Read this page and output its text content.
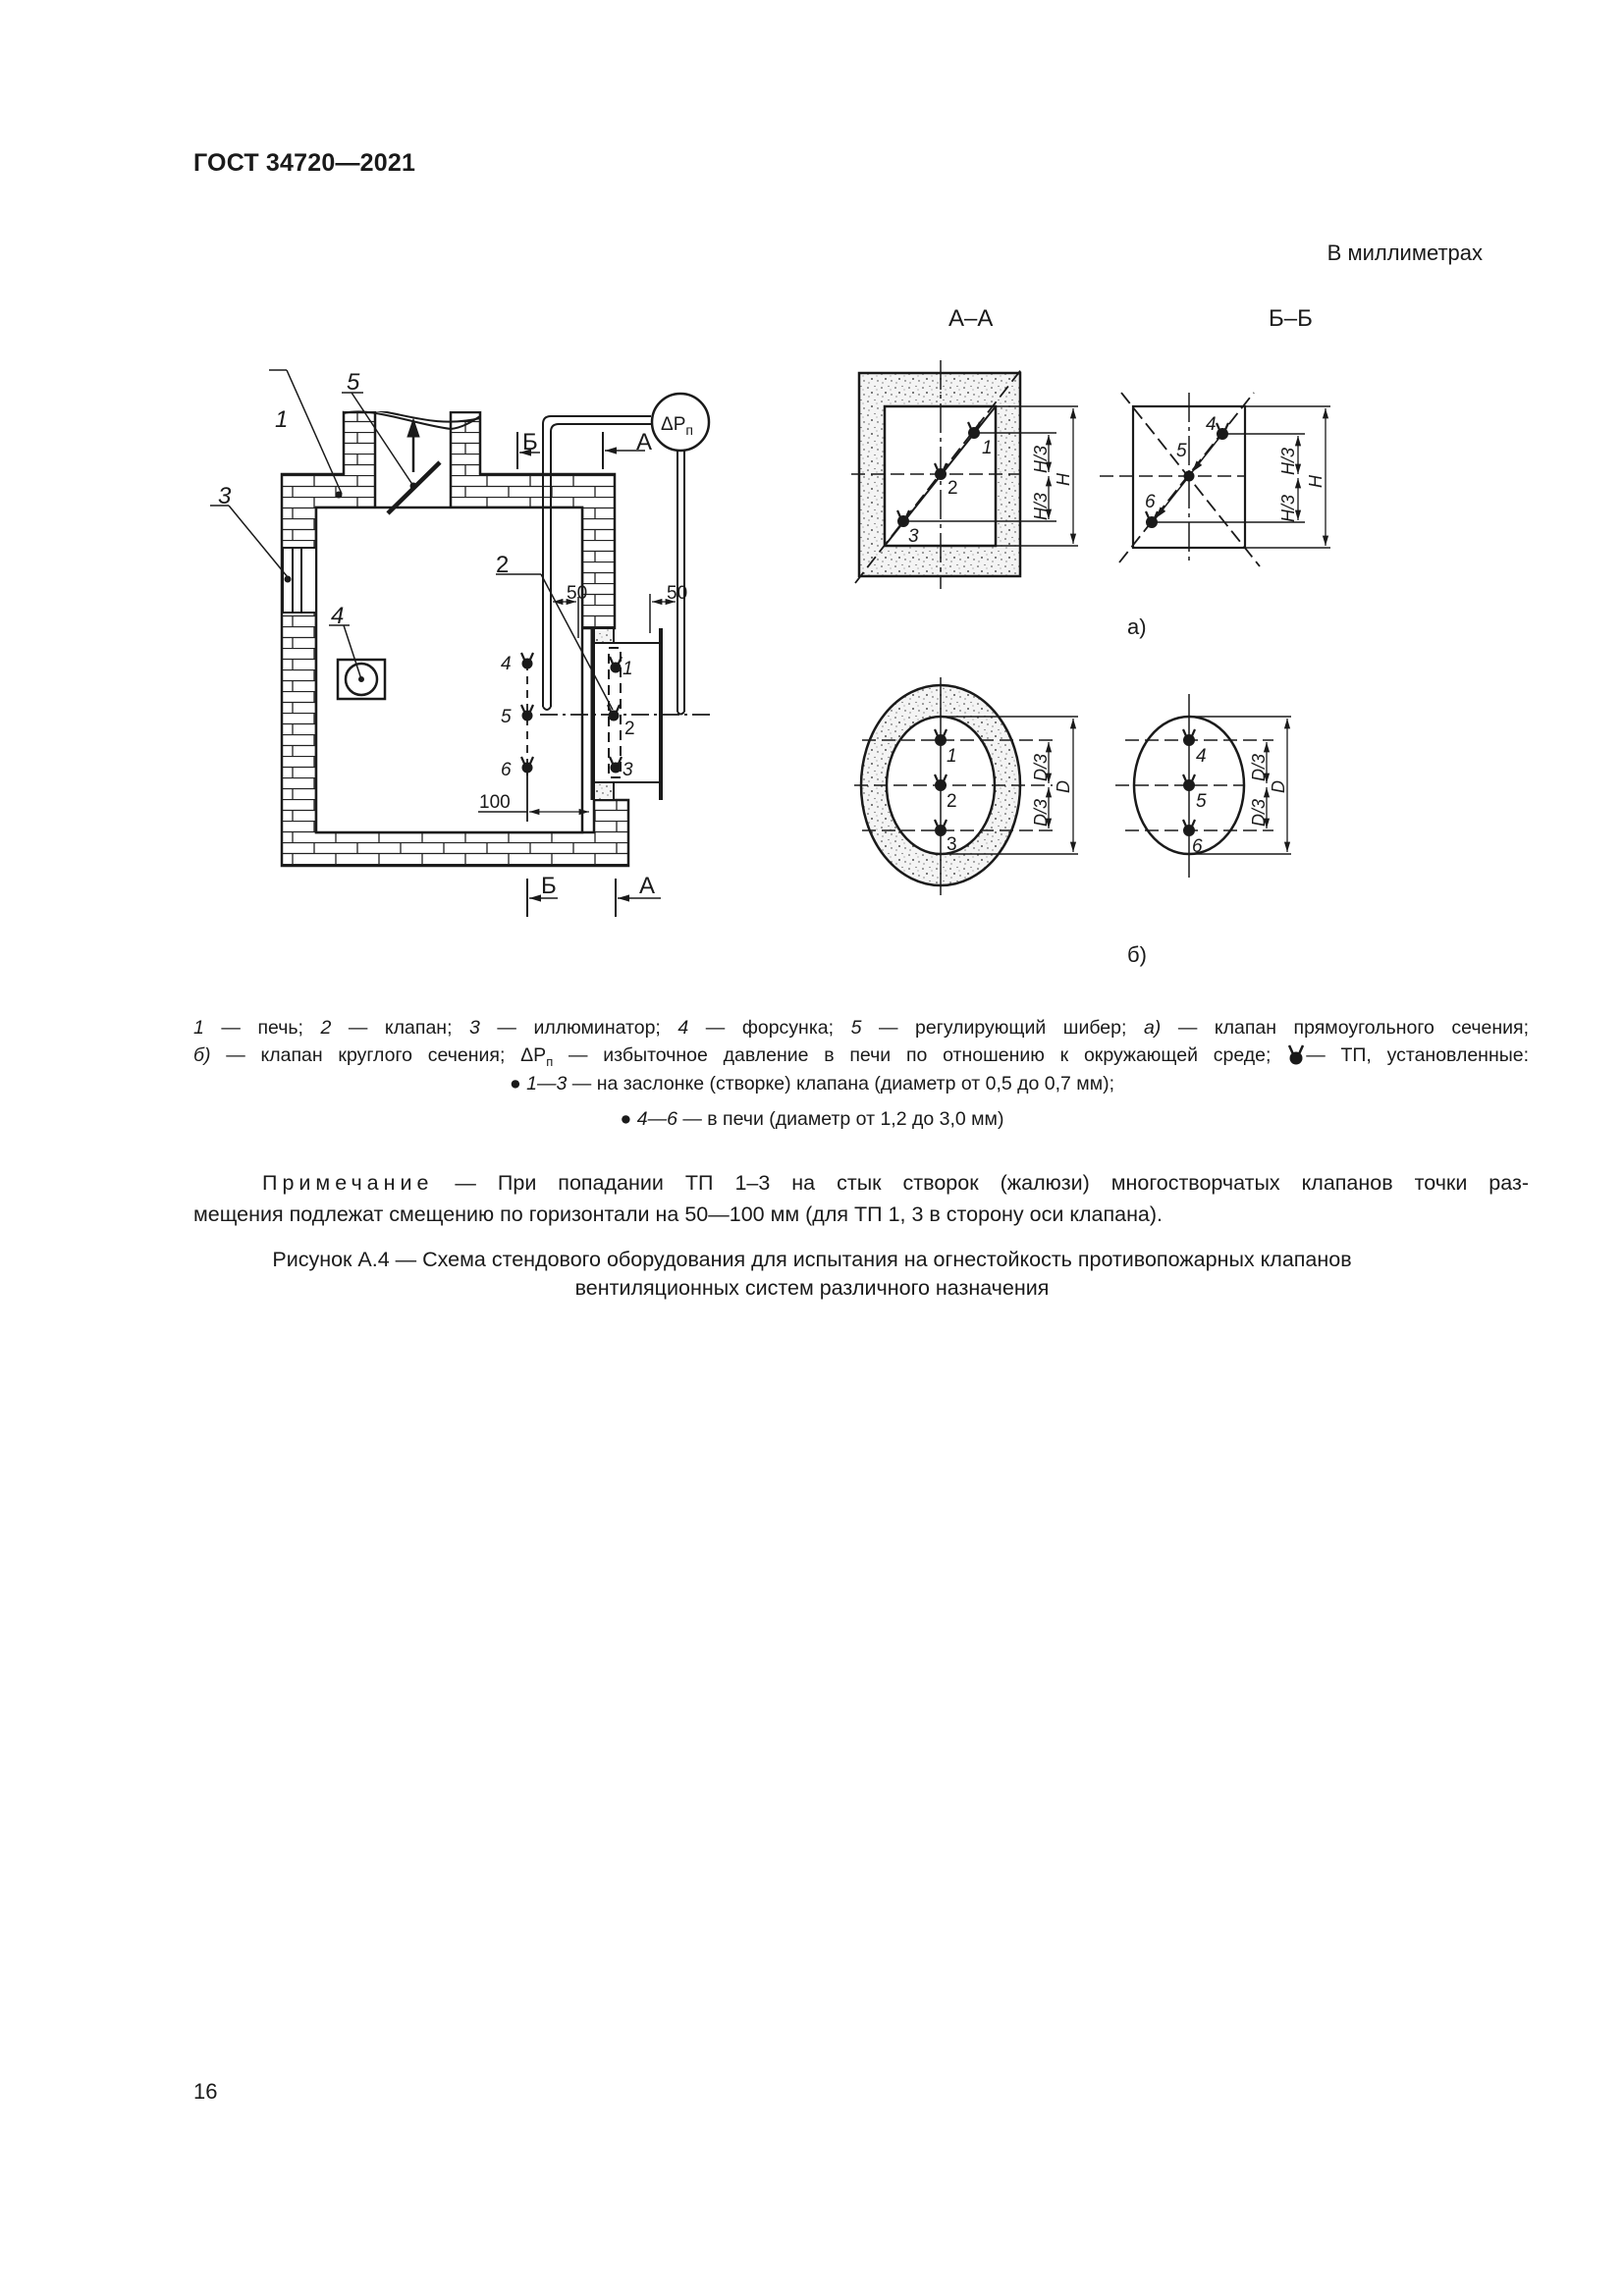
ГОСТ 34720—2021
В миллиметрах
1
2
3
4
5
Б	А
Б	А
$\Delta P_п$
4
5
6
1
2
3
50	50
100
А–А
1
2
3
H/3
H/3
H
Б–Б
4
5
6
H/3
H/3
H
а)
1
2
3
D/3
D/3
D
4
5
6
D/3
D/3
D
б)
1 — печь; 2 — клапан; 3 — иллюминатор; 4 — форсунка; 5 — регулирующий шибер; а) — клапан прямоугольного сечения;
б) — клапан круглого сечения; $\Delta P_п$ — избыточное давление в печи по отношению к окружающей среде; — ТП, установленные:
● 1—3 — на заслонке (створке) клапана (диаметр от 0,5 до 0,7 мм);
● 4—6 — в печи (диаметр от 1,2 до 3,0 мм)
Примечание — При попадании ТП 1–3 на стык створок (жалюзи) многостворчатых клапанов точки раз-
мещения подлежат смещению по горизонтали на 50—100 мм (для ТП 1, 3 в сторону оси клапана).
Рисунок А.4 — Схема стендового оборудования для испытания на огнестойкость противопожарных клапанов
вентиляционных систем различного назначения
16
